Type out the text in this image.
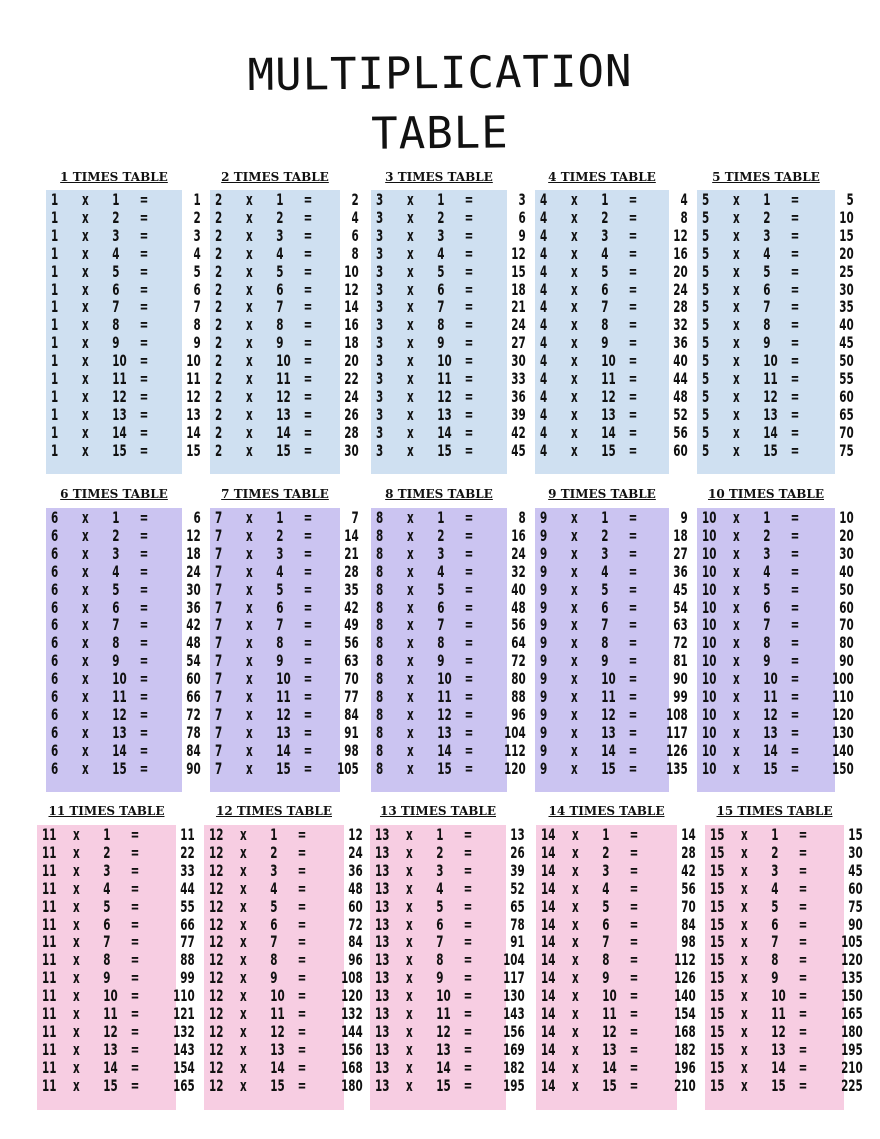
MULTIPLICATION
TABLE
1 TIMES TABLE
1 x 1 =	1
1 x 2 =	2
1 x 3 =	3
1 x 4 =	4
1 x 5 =	5
1 x 6 =	6
1 x 7 =	7
1 x 8 =	8
1 x 9 =	9
1 x 10 =	10
1 x 11 =	11
1 x 12 =	12
1 x 13 =	13
1 x 14 =	14
1 x 15 =	15
2 TIMES TABLE
2 x 1 =	2
2 x 2 =	4
2 x 3 =	6
2 x 4 =	8
2 x 5 =	10
2 x 6 =	12
2 x 7 =	14
2 x 8 =	16
2 x 9 =	18
2 x 10 =	20
2 x 11 =	22
2 x 12 =	24
2 x 13 =	26
2 x 14 =	28
2 x 15 =	30
3 TIMES TABLE
3 x 1 =	3
3 x 2 =	6
3 x 3 =	9
3 x 4 =	12
3 x 5 =	15
3 x 6 =	18
3 x 7 =	21
3 x 8 =	24
3 x 9 =	27
3 x 10 =	30
3 x 11 =	33
3 x 12 =	36
3 x 13 =	39
3 x 14 =	42
3 x 15 =	45
4 TIMES TABLE
4 x 1 =	4
4 x 2 =	8
4 x 3 =	12
4 x 4 =	16
4 x 5 =	20
4 x 6 =	24
4 x 7 =	28
4 x 8 =	32
4 x 9 =	36
4 x 10 =	40
4 x 11 =	44
4 x 12 =	48
4 x 13 =	52
4 x 14 =	56
4 x 15 =	60
5 TIMES TABLE
5 x 1 =	5
5 x 2 =	10
5 x 3 =	15
5 x 4 =	20
5 x 5 =	25
5 x 6 =	30
5 x 7 =	35
5 x 8 =	40
5 x 9 =	45
5 x 10 =	50
5 x 11 =	55
5 x 12 =	60
5 x 13 =	65
5 x 14 =	70
5 x 15 =	75
6 TIMES TABLE
6 x 1 =	6
6 x 2 =	12
6 x 3 =	18
6 x 4 =	24
6 x 5 =	30
6 x 6 =	36
6 x 7 =	42
6 x 8 =	48
6 x 9 =	54
6 x 10 =	60
6 x 11 =	66
6 x 12 =	72
6 x 13 =	78
6 x 14 =	84
6 x 15 =	90
7 TIMES TABLE
7 x 1 =	7
7 x 2 =	14
7 x 3 =	21
7 x 4 =	28
7 x 5 =	35
7 x 6 =	42
7 x 7 =	49
7 x 8 =	56
7 x 9 =	63
7 x 10 =	70
7 x 11 =	77
7 x 12 =	84
7 x 13 =	91
7 x 14 =	98
7 x 15 =	105
8 TIMES TABLE
8 x 1 =	8
8 x 2 =	16
8 x 3 =	24
8 x 4 =	32
8 x 5 =	40
8 x 6 =	48
8 x 7 =	56
8 x 8 =	64
8 x 9 =	72
8 x 10 =	80
8 x 11 =	88
8 x 12 =	96
8 x 13 =	104
8 x 14 =	112
8 x 15 =	120
9 TIMES TABLE
9 x 1 =	9
9 x 2 =	18
9 x 3 =	27
9 x 4 =	36
9 x 5 =	45
9 x 6 =	54
9 x 7 =	63
9 x 8 =	72
9 x 9 =	81
9 x 10 =	90
9 x 11 =	99
9 x 12 =	108
9 x 13 =	117
9 x 14 =	126
9 x 15 =	135
10 TIMES TABLE
10 x 1 =	10
10 x 2 =	20
10 x 3 =	30
10 x 4 =	40
10 x 5 =	50
10 x 6 =	60
10 x 7 =	70
10 x 8 =	80
10 x 9 =	90
10 x 10 =	100
10 x 11 =	110
10 x 12 =	120
10 x 13 =	130
10 x 14 =	140
10 x 15 =	150
11 TIMES TABLE
11 x 1 =	11
11 x 2 =	22
11 x 3 =	33
11 x 4 =	44
11 x 5 =	55
11 x 6 =	66
11 x 7 =	77
11 x 8 =	88
11 x 9 =	99
11 x 10 =	110
11 x 11 =	121
11 x 12 =	132
11 x 13 =	143
11 x 14 =	154
11 x 15 =	165
12 TIMES TABLE
12 x 1 =	12
12 x 2 =	24
12 x 3 =	36
12 x 4 =	48
12 x 5 =	60
12 x 6 =	72
12 x 7 =	84
12 x 8 =	96
12 x 9 =	108
12 x 10 =	120
12 x 11 =	132
12 x 12 =	144
12 x 13 =	156
12 x 14 =	168
12 x 15 =	180
13 TIMES TABLE
13 x 1 =	13
13 x 2 =	26
13 x 3 =	39
13 x 4 =	52
13 x 5 =	65
13 x 6 =	78
13 x 7 =	91
13 x 8 =	104
13 x 9 =	117
13 x 10 =	130
13 x 11 =	143
13 x 12 =	156
13 x 13 =	169
13 x 14 =	182
13 x 15 =	195
14 TIMES TABLE
14 x 1 =	14
14 x 2 =	28
14 x 3 =	42
14 x 4 =	56
14 x 5 =	70
14 x 6 =	84
14 x 7 =	98
14 x 8 =	112
14 x 9 =	126
14 x 10 =	140
14 x 11 =	154
14 x 12 =	168
14 x 13 =	182
14 x 14 =	196
14 x 15 =	210
15 TIMES TABLE
15 x 1 =	15
15 x 2 =	30
15 x 3 =	45
15 x 4 =	60
15 x 5 =	75
15 x 6 =	90
15 x 7 =	105
15 x 8 =	120
15 x 9 =	135
15 x 10 =	150
15 x 11 =	165
15 x 12 =	180
15 x 13 =	195
15 x 14 =	210
15 x 15 =	225
